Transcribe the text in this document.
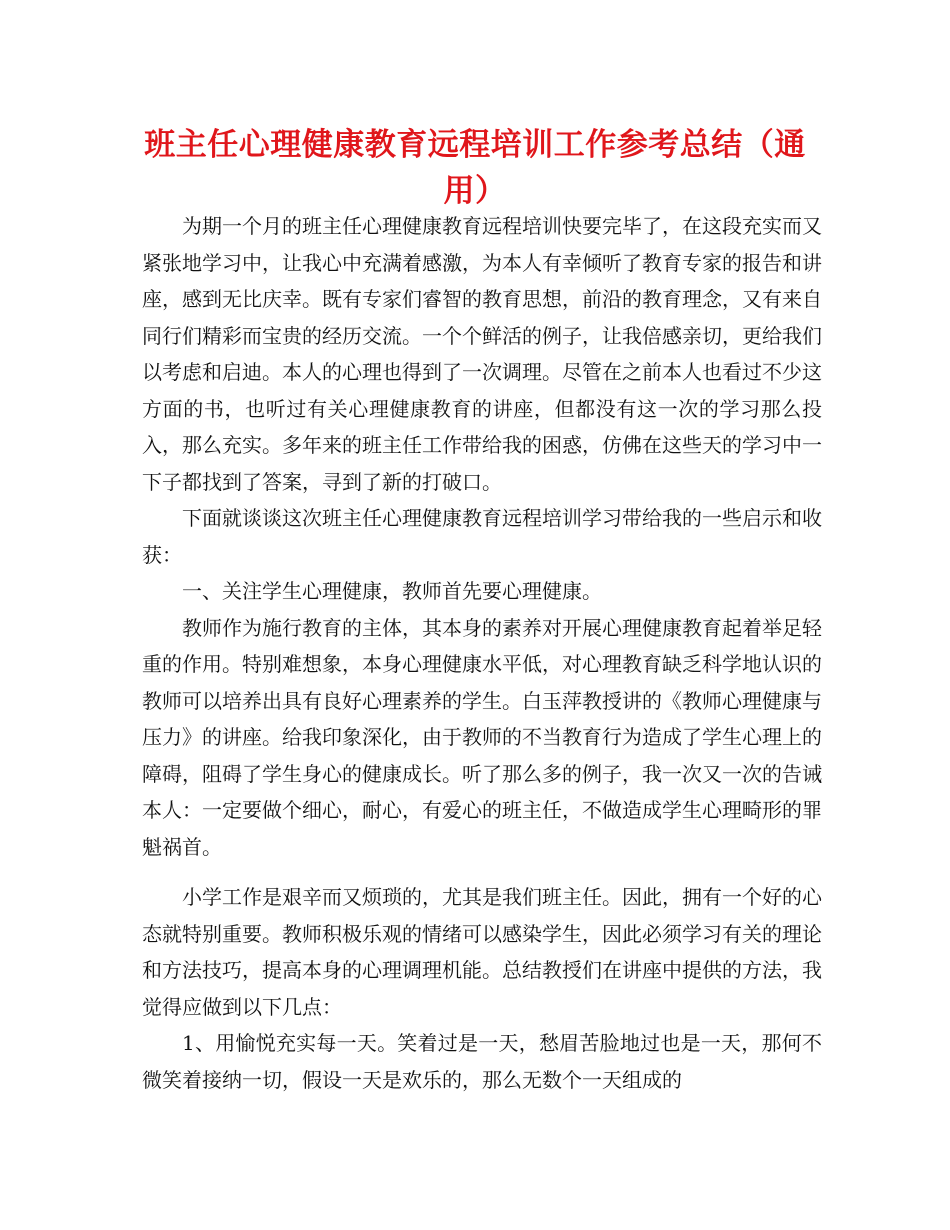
班主任心理健康教育远程培训工作参考总结（通用）

为期一个月的班主任心理健康教育远程培训快要完毕了，在这段充实而又紧张地学习中，让我心中充满着感激，为本人有幸倾听了教育专家的报告和讲座，感到无比庆幸。既有专家们睿智的教育思想，前沿的教育理念，又有来自同行们精彩而宝贵的经历交流。一个个鲜活的例子，让我倍感亲切，更给我们以考虑和启迪。本人的心理也得到了一次调理。尽管在之前本人也看过不少这方面的书，也听过有关心理健康教育的讲座，但都没有这一次的学习那么投入，那么充实。多年来的班主任工作带给我的困惑，仿佛在这些天的学习中一下子都找到了答案，寻到了新的打破口。

下面就谈谈这次班主任心理健康教育远程培训学习带给我的一些启示和收获：

一、关注学生心理健康，教师首先要心理健康。

教师作为施行教育的主体，其本身的素养对开展心理健康教育起着举足轻重的作用。特别难想象，本身心理健康水平低，对心理教育缺乏科学地认识的教师可以培养出具有良好心理素养的学生。白玉萍教授讲的《教师心理健康与压力》的讲座。给我印象深化，由于教师的不当教育行为造成了学生心理上的障碍，阻碍了学生身心的健康成长。听了那么多的例子，我一次又一次的告诫本人：一定要做个细心，耐心，有爱心的班主任，不做造成学生心理畸形的罪魁祸首。

小学工作是艰辛而又烦琐的，尤其是我们班主任。因此，拥有一个好的心态就特别重要。教师积极乐观的情绪可以感染学生，因此必须学习有关的理论和方法技巧，提高本身的心理调理机能。总结教授们在讲座中提供的方法，我觉得应做到以下几点：

1、用愉悦充实每一天。笑着过是一天，愁眉苦脸地过也是一天，那何不微笑着接纳一切，假设一天是欢乐的，那么无数个一天组成的
